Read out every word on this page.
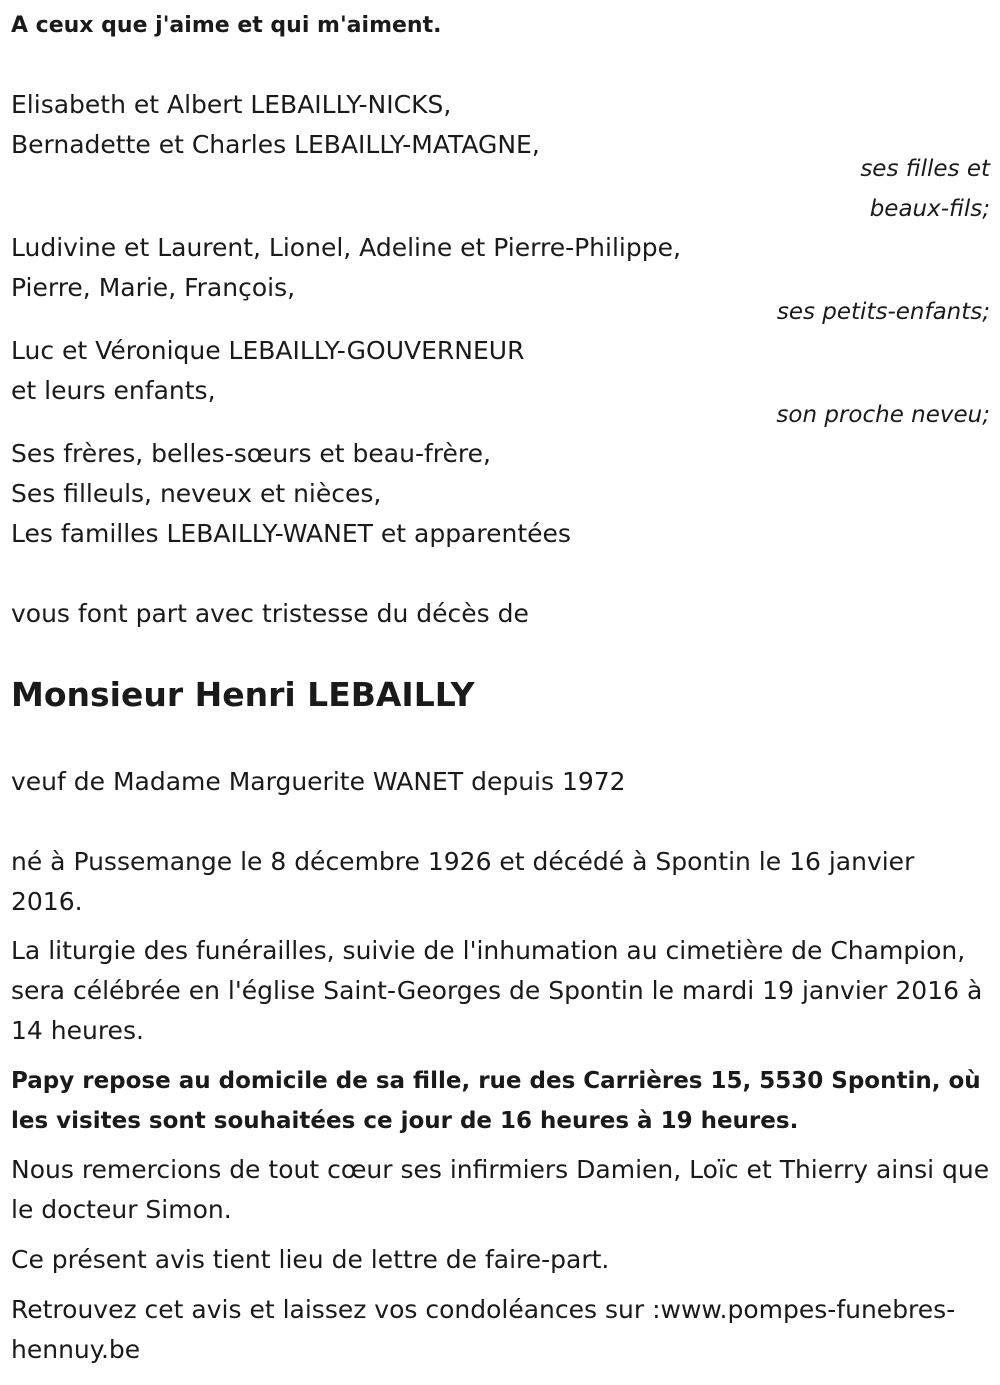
A ceux que j'aime et qui m'aiment.
Elisabeth et Albert LEBAILLY-NICKS,
Bernadette et Charles LEBAILLY-MATAGNE,
ses filles et
beaux-fils;
Ludivine et Laurent, Lionel, Adeline et Pierre-Philippe,
Pierre, Marie, François,
ses petits-enfants;
Luc et Véronique LEBAILLY-GOUVERNEUR
et leurs enfants,
son proche neveu;
Ses frères, belles-sœurs et beau-frère,
Ses filleuls, neveux et nièces,
Les familles LEBAILLY-WANET et apparentées
vous font part avec tristesse du décès de
Monsieur Henri LEBAILLY
veuf de Madame Marguerite WANET depuis 1972
né à Pussemange le 8 décembre 1926 et décédé à Spontin le 16 janvier 2016.
La liturgie des funérailles, suivie de l'inhumation au cimetière de Champion, sera célébrée en l'église Saint-Georges de Spontin le mardi 19 janvier 2016 à 14 heures.
Papy repose au domicile de sa fille, rue des Carrières 15, 5530 Spontin, où les visites sont souhaitées ce jour de 16 heures à 19 heures.
Nous remercions de tout cœur ses infirmiers Damien, Loïc et Thierry ainsi que le docteur Simon.
Ce présent avis tient lieu de lettre de faire-part.
Retrouvez cet avis et laissez vos condoléances sur :www.pompes-funebres-hennuy.be
